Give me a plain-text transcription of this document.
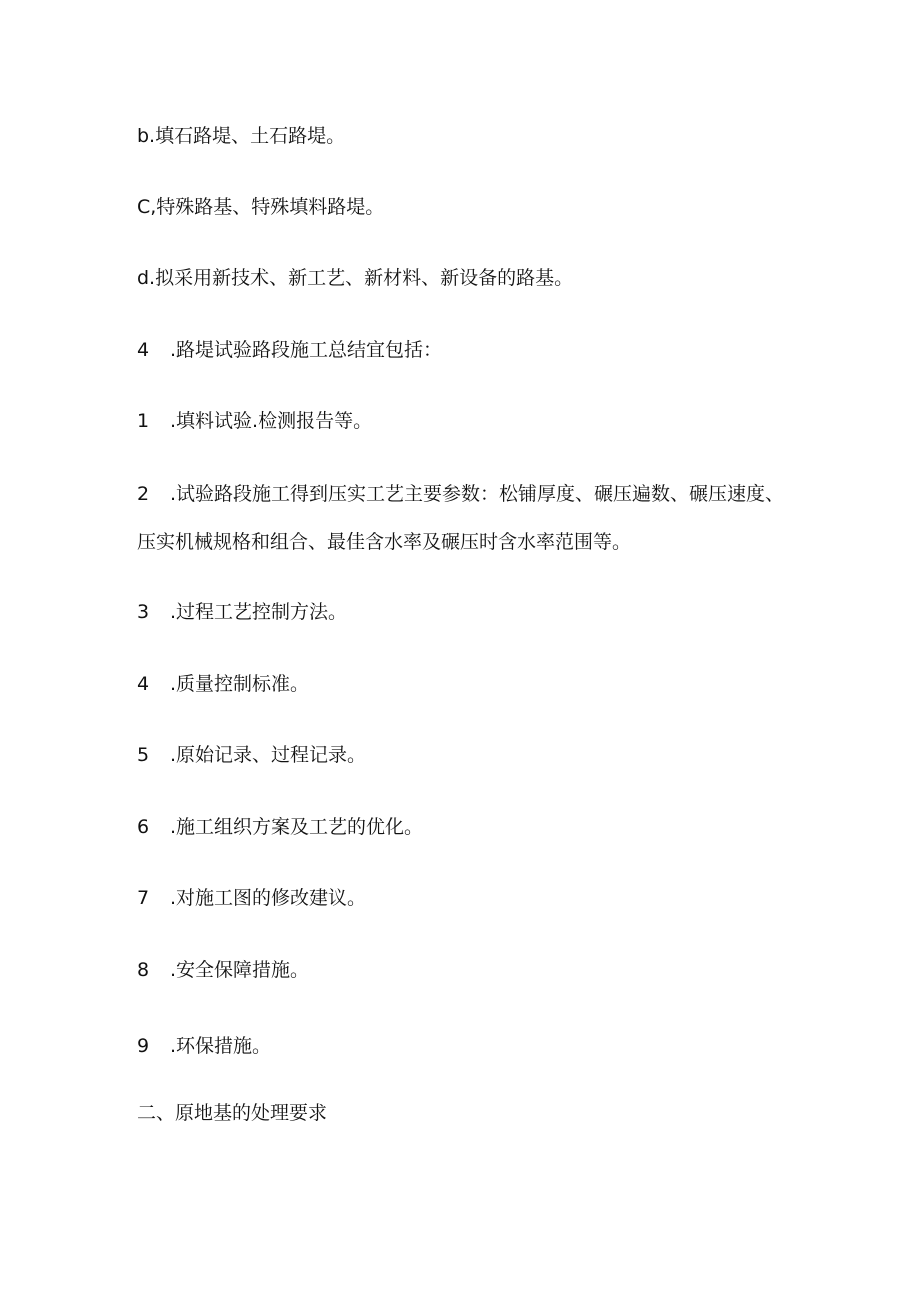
b.填石路堤、土石路堤。

C,特殊路基、特殊填料路堤。

d.拟采用新技术、新工艺、新材料、新设备的路基。

4 .路堤试验路段施工总结宜包括：

1 .填料试验.检测报告等。

2 .试验路段施工得到压实工艺主要参数：松铺厚度、碾压遍数、碾压速度、压实机械规格和组合、最佳含水率及碾压时含水率范围等。

3 .过程工艺控制方法。

4 .质量控制标准。

5 .原始记录、过程记录。

6 .施工组织方案及工艺的优化。

7 .对施工图的修改建议。

8 .安全保障措施。

9 .环保措施。

二、原地基的处理要求
